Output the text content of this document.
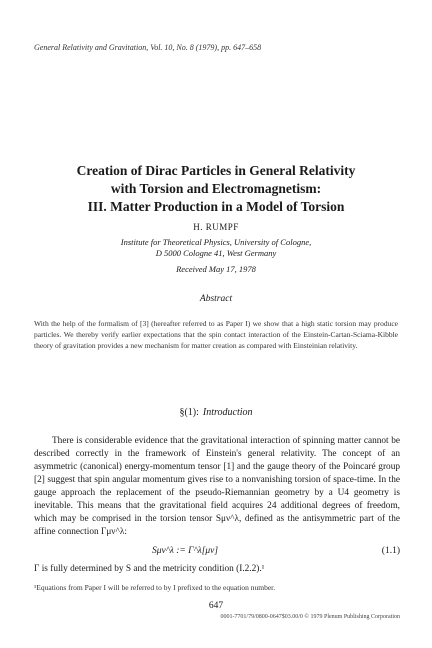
General Relativity and Gravitation, Vol. 10, No. 8 (1979), pp. 647–658
Creation of Dirac Particles in General Relativity
with Torsion and Electromagnetism:
III. Matter Production in a Model of Torsion
H. RUMPF
Institute for Theoretical Physics, University of Cologne,
D 5000 Cologne 41, West Germany
Received May 17, 1978
Abstract
With the help of the formalism of [3] (hereafter referred to as Paper I) we show that a high static torsion may produce particles. We thereby verify earlier expectations that the spin contact interaction of the Einstein-Cartan-Sciama-Kibble theory of gravitation provides a new mechanism for matter creation as compared with Einsteinian relativity.
§(1): Introduction

There is considerable evidence that the gravitational interaction of spinning matter cannot be described correctly in the framework of Einstein's general relativity. The concept of an asymmetric (canonical) energy-momentum tensor [1] and the gauge theory of the Poincaré group [2] suggest that spin angular momentum gives rise to a nonvanishing torsion of space-time. In the gauge approach the replacement of the pseudo-Riemannian geometry by a U4 geometry is inevitable. This means that the gravitational field acquires 24 additional degrees of freedom, which may be comprised in the torsion tensor Sμν^λ, defined as the antisymmetric part of the affine connection Γμν^λ:

Sμν^λ := Γ^λ[μν]	(1.1)
Γ is fully determined by S and the metricity condition (I.2.2).¹
¹Equations from Paper I will be referred to by I prefixed to the equation number.
647
0001-7701/79/0800-0647$03.00/0 © 1979 Plenum Publishing Corporation
